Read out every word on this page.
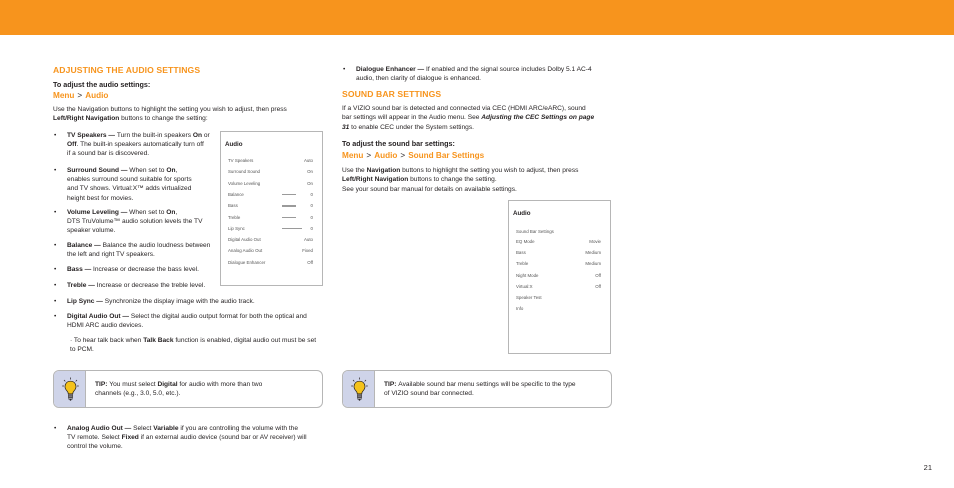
ADJUSTING THE AUDIO SETTINGS
To adjust the audio settings:
Menu > Audio
Use the Navigation buttons to highlight the setting you wish to adjust, then press
Left/Right Navigation buttons to change the setting:
• TV Speakers — Turn the built-in speakers On or
Off. The built-in speakers automatically turn off
if a sound bar is discovered.
• Surround Sound — When set to On,
enables surround sound suitable for sports
and TV shows. Virtual:X™ adds virtualized
height best for movies.
• Volume Leveling — When set to On,
DTS TruVolume™ audio solution levels the TV
speaker volume.
• Balance — Balance the audio loudness between
the left and right TV speakers.
• Bass — Increase or decrease the bass level.
• Treble — Increase or decrease the treble level.
• Lip Sync — Synchronize the display image with the audio track.
• Digital Audio Out — Select the digital audio output format for both the optical and
HDMI ARC audio devices.
· To hear talk back when Talk Back function is enabled, digital audio out must be set
to PCM.
Audio
TV Speakers	Auto
Surround Sound	On
Volume Leveling	On
Balance	0
Bass	0
Treble	0
Lip Sync	0
Digital Audio Out	Auto
Analog Audio Out	Fixed
Dialogue Enhancer	Off
TIP: You must select Digital for audio with more than two
channels (e.g., 3.0, 5.0, etc.).
• Analog Audio Out — Select Variable if you are controlling the volume with the
TV remote. Select Fixed if an external audio device (sound bar or AV receiver) will
control the volume.
• Dialogue Enhancer — If enabled and the signal source includes Dolby 5.1 AC-4
audio, then clarity of dialogue is enhanced.
SOUND BAR SETTINGS
If a VIZIO sound bar is detected and connected via CEC (HDMI ARC/eARC), sound
bar settings will appear in the Audio menu. See Adjusting the CEC Settings on page
31 to enable CEC under the System settings.
To adjust the sound bar settings:
Menu > Audio > Sound Bar Settings
Use the Navigation buttons to highlight the setting you wish to adjust, then press
Left/Right Navigation buttons to change the setting.
See your sound bar manual for details on available settings.
Audio
Sound Bar Settings
EQ Mode	Movie
Bass	Medium
Treble	Medium
Night Mode	Off
Virtual:X	Off
Speaker Test
Info
TIP: Available sound bar menu settings will be specific to the type
of VIZIO sound bar connected.
21
